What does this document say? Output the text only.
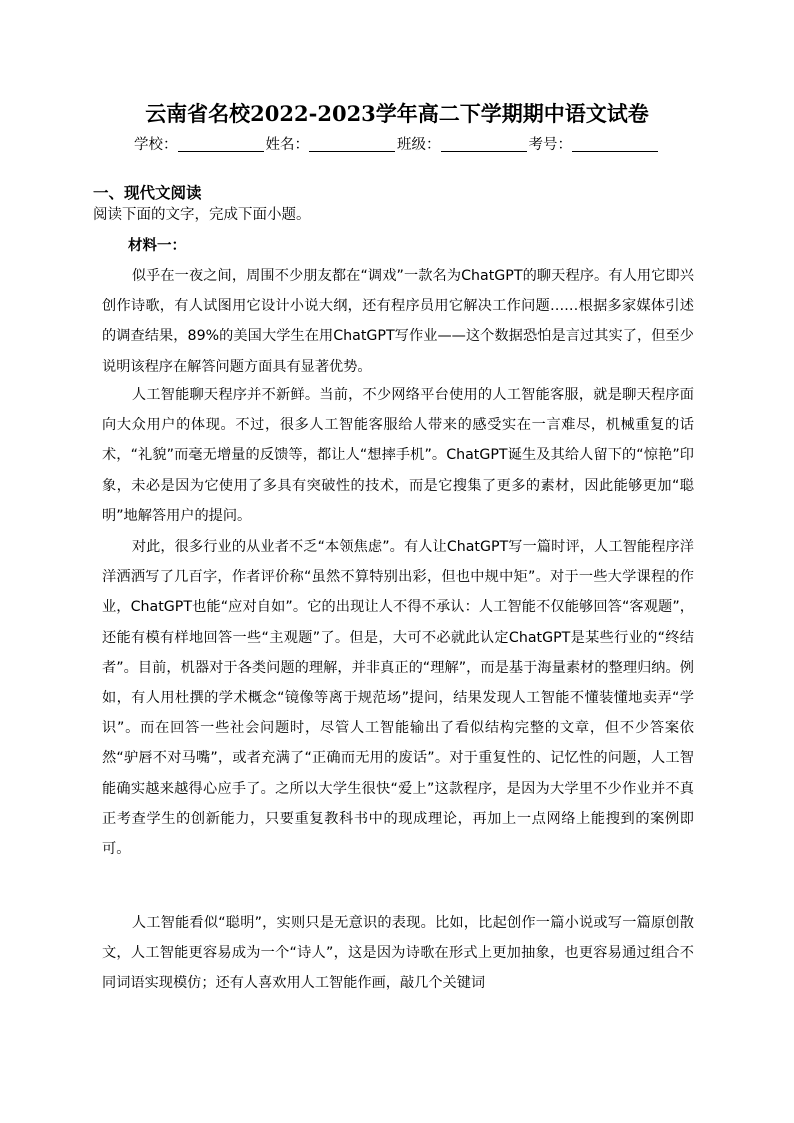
云南省名校2022-2023学年高二下学期期中语文试卷
学校：	姓名：	班级：	考号：
一、现代文阅读
阅读下面的文字，完成下面小题。
材料一：

似乎在一夜之间，周围不少朋友都在“调戏”一款名为ChatGPT的聊天程序。有人用它即兴创作诗歌，有人试图用它设计小说大纲，还有程序员用它解决工作问题……根据多家媒体引述的调查结果，89%的美国大学生在用ChatGPT写作业——这个数据恐怕是言过其实了，但至少说明该程序在解答问题方面具有显著优势。

人工智能聊天程序并不新鲜。当前，不少网络平台使用的人工智能客服，就是聊天程序面向大众用户的体现。不过，很多人工智能客服给人带来的感受实在一言难尽，机械重复的话术，“礼貌”而毫无增量的反馈等，都让人“想摔手机”。ChatGPT诞生及其给人留下的“惊艳”印象，未必是因为它使用了多具有突破性的技术，而是它搜集了更多的素材，因此能够更加“聪明”地解答用户的提问。

对此，很多行业的从业者不乏“本领焦虑”。有人让ChatGPT写一篇时评，人工智能程序洋洋洒洒写了几百字，作者评价称“虽然不算特别出彩，但也中规中矩”。对于一些大学课程的作业，ChatGPT也能“应对自如”。它的出现让人不得不承认：人工智能不仅能够回答“客观题”，还能有模有样地回答一些“主观题”了。但是，大可不必就此认定ChatGPT是某些行业的“终结者”。目前，机器对于各类问题的理解，并非真正的“理解”，而是基于海量素材的整理归纳。例如，有人用杜撰的学术概念“镜像等离于规范场”提问，结果发现人工智能不懂装懂地卖弄“学识”。而在回答一些社会问题时，尽管人工智能输出了看似结构完整的文章，但不少答案依然“驴唇不对马嘴”，或者充满了“正确而无用的废话”。对于重复性的、记忆性的问题，人工智能确实越来越得心应手了。之所以大学生很快“爱上”这款程序，是因为大学里不少作业并不真正考查学生的创新能力，只要重复教科书中的现成理论，再加上一点网络上能搜到的案例即可。

人工智能看似“聪明”，实则只是无意识的表现。比如，比起创作一篇小说或写一篇原创散文，人工智能更容易成为一个“诗人”，这是因为诗歌在形式上更加抽象，也更容易通过组合不同词语实现模仿；还有人喜欢用人工智能作画，敲几个关键词
